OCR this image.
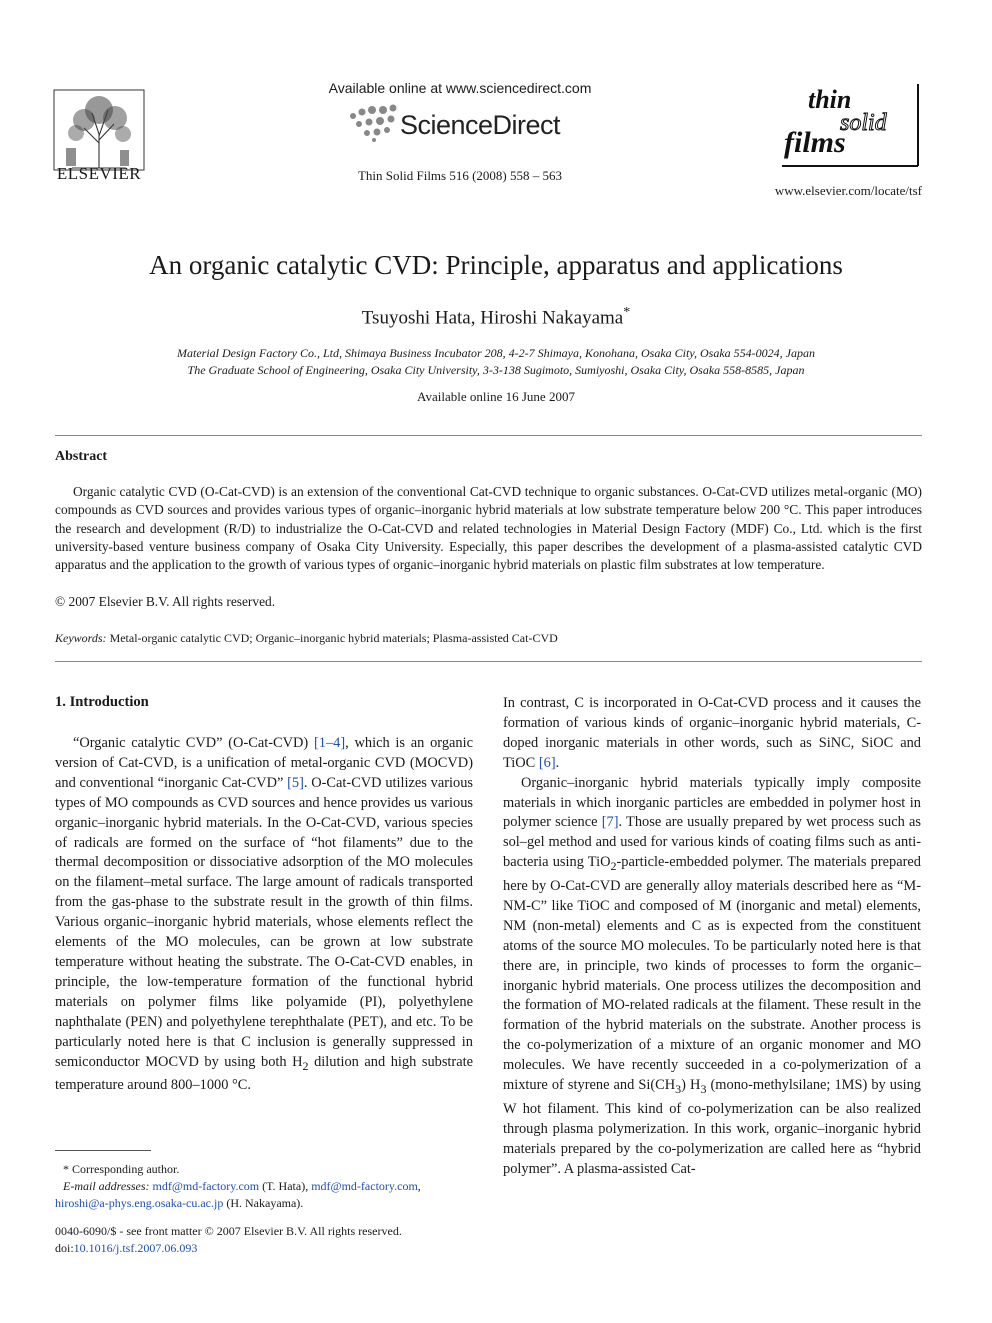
ELSEVIER
Available online at www.sciencedirect.com
ScienceDirect
Thin Solid Films 516 (2008) 558 – 563
thin
solid
films
www.elsevier.com/locate/tsf
An organic catalytic CVD: Principle, apparatus and applications
Tsuyoshi Hata, Hiroshi Nakayama*
Material Design Factory Co., Ltd, Shimaya Business Incubator 208, 4-2-7 Shimaya, Konohana, Osaka City, Osaka 554-0024, Japan
The Graduate School of Engineering, Osaka City University, 3-3-138 Sugimoto, Sumiyoshi, Osaka City, Osaka 558-8585, Japan
Available online 16 June 2007
Abstract
Organic catalytic CVD (O-Cat-CVD) is an extension of the conventional Cat-CVD technique to organic substances. O-Cat-CVD utilizes metal-organic (MO) compounds as CVD sources and provides various types of organic–inorganic hybrid materials at low substrate temperature below 200 °C. This paper introduces the research and development (R/D) to industrialize the O-Cat-CVD and related technologies in Material Design Factory (MDF) Co., Ltd. which is the first university-based venture business company of Osaka City University. Especially, this paper describes the development of a plasma-assisted catalytic CVD apparatus and the application to the growth of various types of organic–inorganic hybrid materials on plastic film substrates at low temperature.
© 2007 Elsevier B.V. All rights reserved.
Keywords: Metal-organic catalytic CVD; Organic–inorganic hybrid materials; Plasma-assisted Cat-CVD
1. Introduction

“Organic catalytic CVD” (O-Cat-CVD) [1–4], which is an organic version of Cat-CVD, is a unification of metal-organic CVD (MOCVD) and conventional “inorganic Cat-CVD” [5]. O-Cat-CVD utilizes various types of MO compounds as CVD sources and hence provides us various organic–inorganic hybrid materials. In the O-Cat-CVD, various species of radicals are formed on the surface of “hot filaments” due to the thermal decomposition or dissociative adsorption of the MO molecules on the filament–metal surface. The large amount of radicals transported from the gas-phase to the substrate result in the growth of thin films. Various organic–inorganic hybrid materials, whose elements reflect the elements of the MO molecules, can be grown at low substrate temperature without heating the substrate. The O-Cat-CVD enables, in principle, the low-temperature formation of the functional hybrid materials on polymer films like polyamide (PI), polyethylene naphthalate (PEN) and polyethylene terephthalate (PET), and etc. To be particularly noted here is that C inclusion is generally suppressed in semiconductor MOCVD by using both $H_2$ dilution and high substrate temperature around 800–1000 °C.

* Corresponding author.
E-mail addresses: mdf@md-factory.com (T. Hata), mdf@md-factory.com,
hiroshi@a-phys.eng.osaka-cu.ac.jp (H. Nakayama).
0040-6090/$ - see front matter © 2007 Elsevier B.V. All rights reserved.
doi:10.1016/j.tsf.2007.06.093

In contrast, C is incorporated in O-Cat-CVD process and it causes the formation of various kinds of organic–inorganic hybrid materials, C-doped inorganic materials in other words, such as SiNC, SiOC and TiOC [6].

Organic–inorganic hybrid materials typically imply composite materials in which inorganic particles are embedded in polymer host in polymer science [7]. Those are usually prepared by wet process such as sol–gel method and used for various kinds of coating films such as anti-bacteria using TiO$_2$-particle-embedded polymer. The materials prepared here by O-Cat-CVD are generally alloy materials described here as “M-NM-C” like TiOC and composed of M (inorganic and metal) elements, NM (non-metal) elements and C as is expected from the constituent atoms of the source MO molecules. To be particularly noted here is that there are, in principle, two kinds of processes to form the organic–inorganic hybrid materials. One process utilizes the decomposition and the formation of MO-related radicals at the filament. These result in the formation of the hybrid materials on the substrate. Another process is the co-polymerization of a mixture of an organic monomer and MO molecules. We have recently succeeded in a co-polymerization of a mixture of styrene and $Si(CH_3)$ $H_3$ (mono-methylsilane; 1MS) by using W hot filament. This kind of co-polymerization can be also realized through plasma polymerization. In this work, organic–inorganic hybrid materials prepared by the co-polymerization are called here as “hybrid polymer”. A plasma-assisted Cat-
